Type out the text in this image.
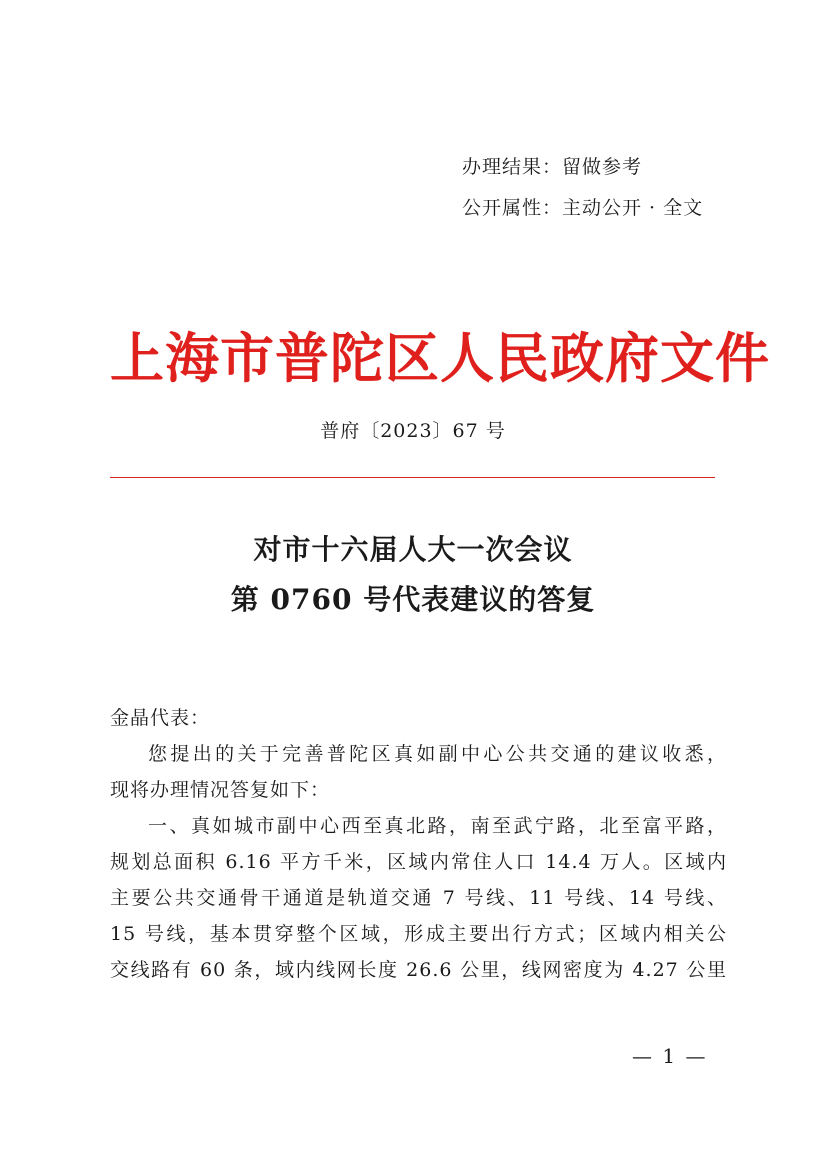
办理结果：留做参考
公开属性：主动公开 · 全文
上海市普陀区人民政府文件
普府〔2023〕67 号
对市十六届人大一次会议
第 0760 号代表建议的答复
金晶代表：
您提出的关于完善普陀区真如副中心公共交通的建议收悉，
现将办理情况答复如下：
一、真如城市副中心西至真北路，南至武宁路，北至富平路，
规划总面积 6.16 平方千米，区域内常住人口 14.4 万人。区域内
主要公共交通骨干通道是轨道交通 7 号线、11 号线、14 号线、
15 号线，基本贯穿整个区域，形成主要出行方式；区域内相关公
交线路有 60 条，域内线网长度 26.6 公里，线网密度为 4.27 公里
— 1 —
